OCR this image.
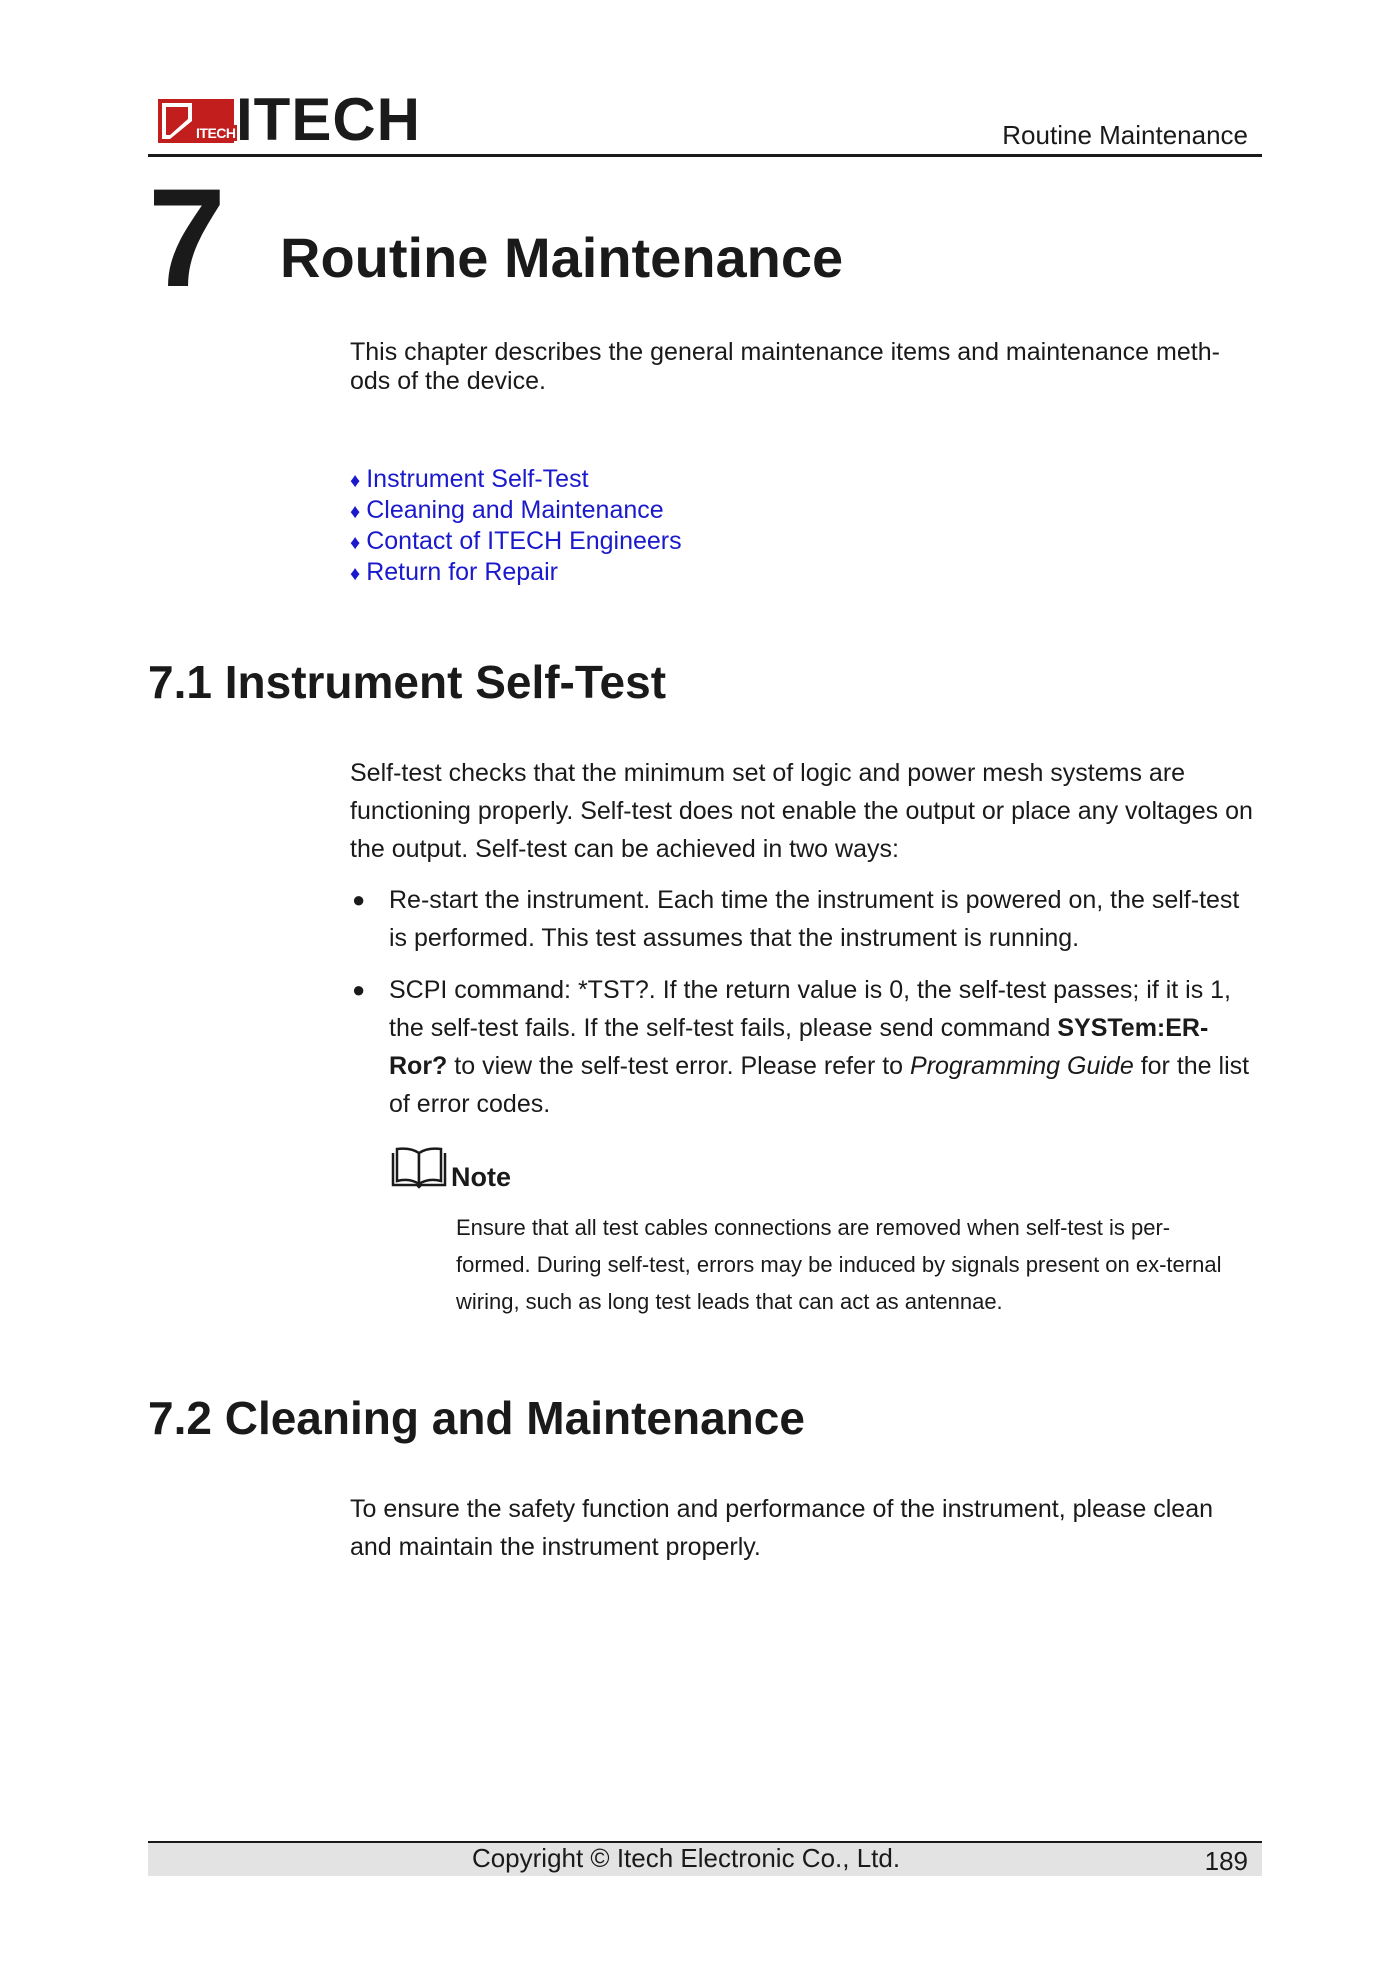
ITECH ITECH	Routine Maintenance
7 Routine Maintenance
This chapter describes the general maintenance items and maintenance meth-
ods of the device.
♦ Instrument Self-Test
♦ Cleaning and Maintenance
♦ Contact of ITECH Engineers
♦ Return for Repair
7.1 Instrument Self-Test
Self-test checks that the minimum set of logic and power mesh systems are functioning properly. Self-test does not enable the output or place any voltages on the output. Self-test can be achieved in two ways:
● Re-start the instrument. Each time the instrument is powered on, the self-test is performed. This test assumes that the instrument is running.
● SCPI command: *TST?. If the return value is 0, the self-test passes; if it is 1, the self-test fails. If the self-test fails, please send command SYSTem:ER-Ror? to view the self-test error. Please refer to Programming Guide for the list of error codes.
Note
Ensure that all test cables connections are removed when self-test is per-formed. During self-test, errors may be induced by signals present on ex-ternal wiring, such as long test leads that can act as antennae.
7.2 Cleaning and Maintenance
To ensure the safety function and performance of the instrument, please clean and maintain the instrument properly.
Copyright © Itech Electronic Co., Ltd.	189
